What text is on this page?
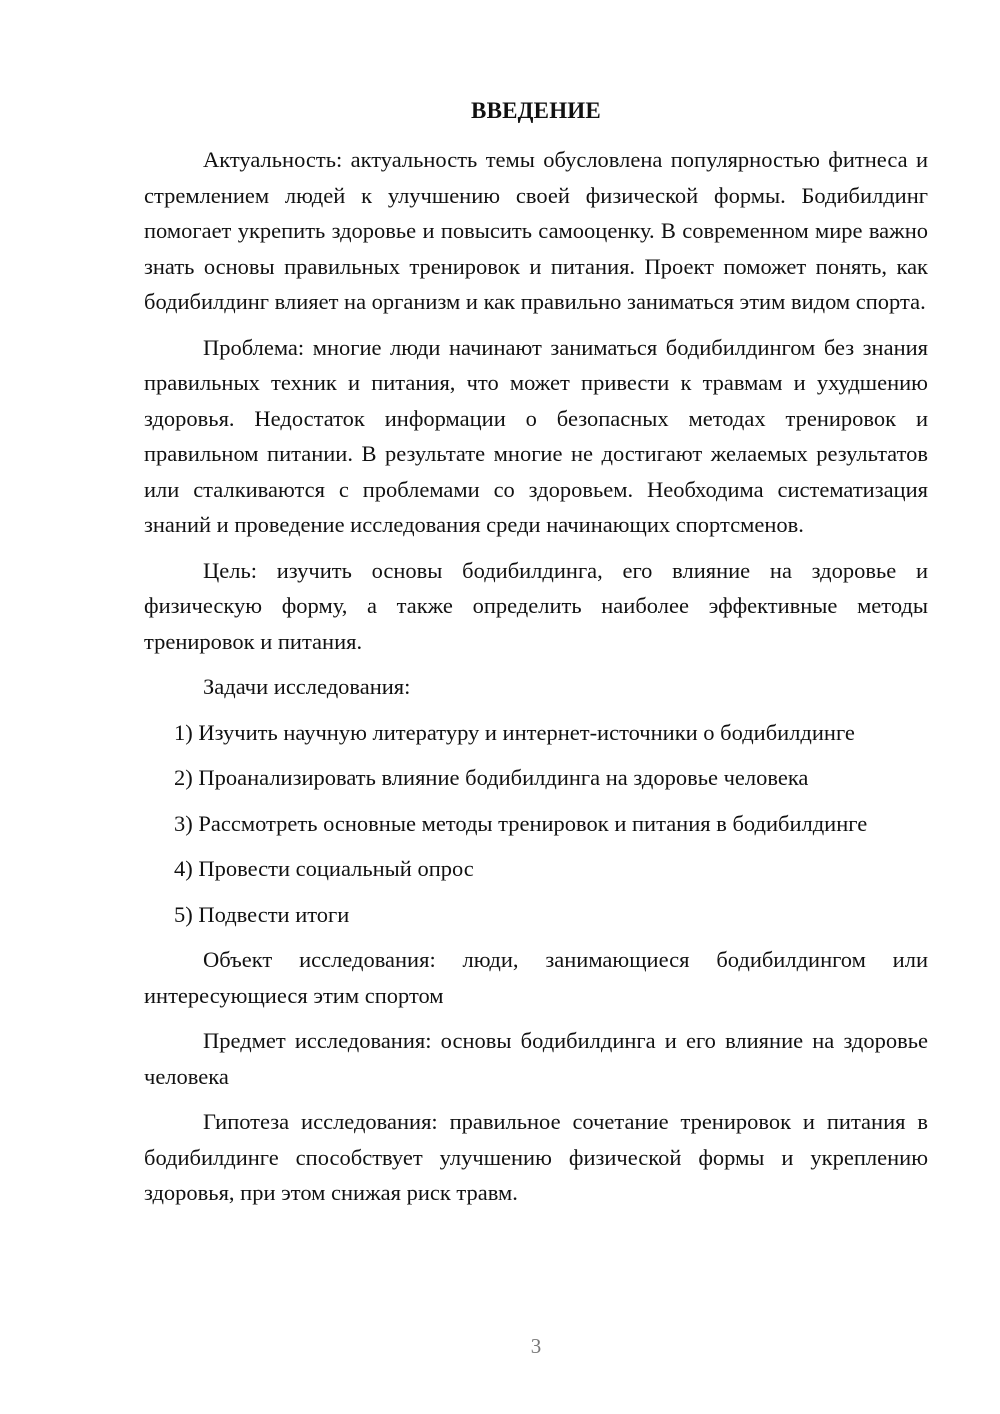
ВВЕДЕНИЕ

Актуальность: актуальность темы обусловлена популярностью фитнеса и стремлением людей к улучшению своей физической формы. Бодибилдинг помогает укрепить здоровье и повысить самооценку. В современном мире важно знать основы правильных тренировок и питания. Проект поможет понять, как бодибилдинг влияет на организм и как правильно заниматься этим видом спорта.

Проблема: многие люди начинают заниматься бодибилдингом без знания правильных техник и питания, что может привести к травмам и ухудшению здоровья. Недостаток информации о безопасных методах тренировок и правильном питании. В результате многие не достигают желаемых результатов или сталкиваются с проблемами со здоровьем. Необходима систематизация знаний и проведение исследования среди начинающих спортсменов.

Цель: изучить основы бодибилдинга, его влияние на здоровье и физическую форму, а также определить наиболее эффективные методы тренировок и питания.

Задачи исследования:

1) Изучить научную литературу и интернет-источники о бодибилдинге

2) Проанализировать влияние бодибилдинга на здоровье человека

3) Рассмотреть основные методы тренировок и питания в бодибилдинге

4) Провести социальный опрос

5) Подвести итоги

Объект исследования: люди, занимающиеся бодибилдингом или интересующиеся этим спортом

Предмет исследования: основы бодибилдинга и его влияние на здоровье человека

Гипотеза исследования: правильное сочетание тренировок и питания в бодибилдинге способствует улучшению физической формы и укреплению здоровья, при этом снижая риск травм.

3
